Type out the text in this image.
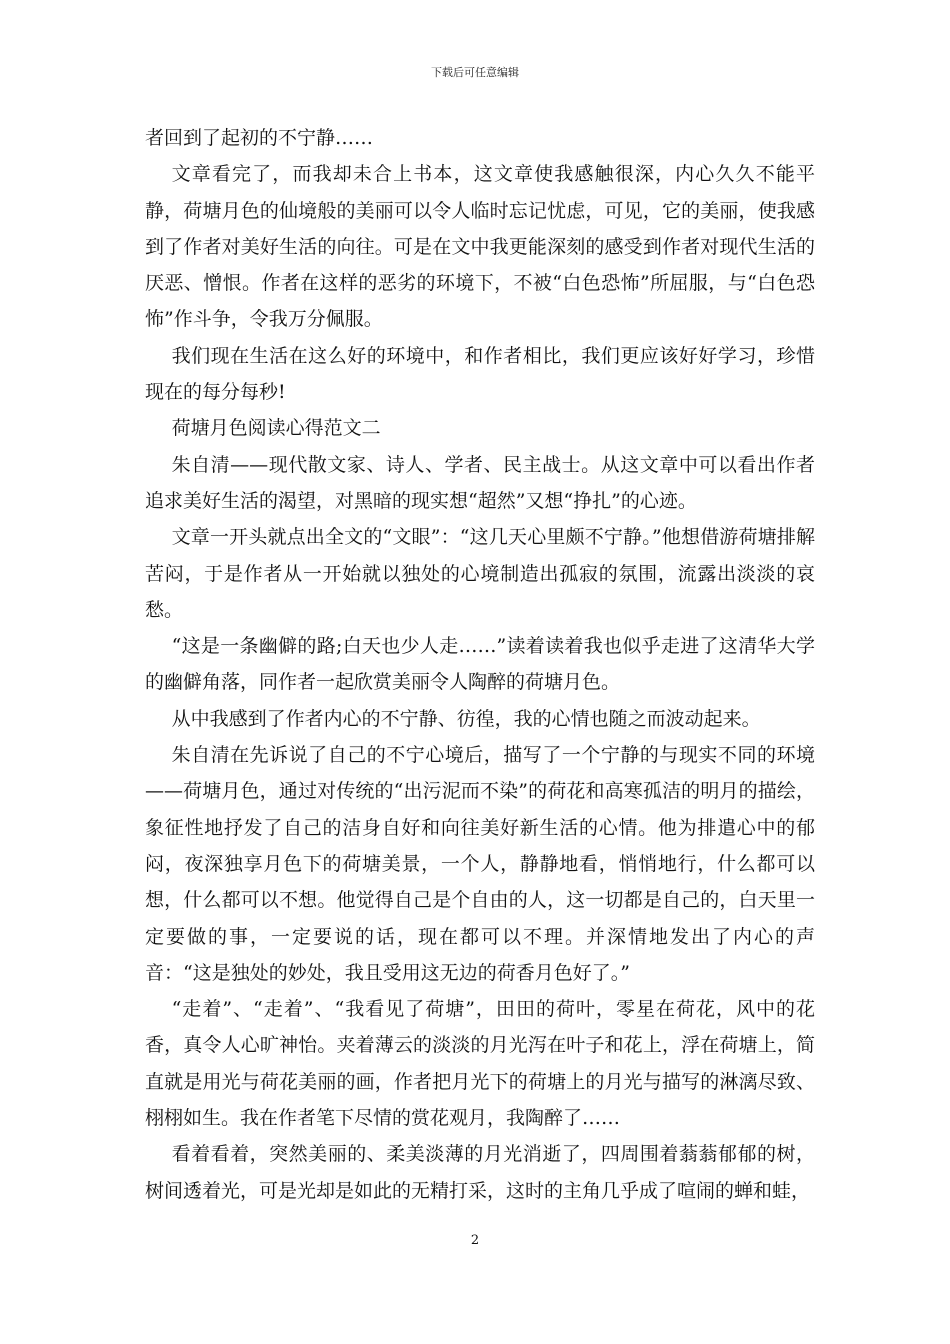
下载后可任意编辑

者回到了起初的不宁静……

文章看完了，而我却未合上书本，这文章使我感触很深，内心久久不能平静，荷塘月色的仙境般的美丽可以令人临时忘记忧虑，可见，它的美丽，使我感到了作者对美好生活的向往。可是在文中我更能深刻的感受到作者对现代生活的厌恶、憎恨。作者在这样的恶劣的环境下，不被“白色恐怖”所屈服，与“白色恐怖”作斗争，令我万分佩服。

我们现在生活在这么好的环境中，和作者相比，我们更应该好好学习，珍惜现在的每分每秒!

荷塘月色阅读心得范文二

朱自清——现代散文家、诗人、学者、民主战士。从这文章中可以看出作者追求美好生活的渴望，对黑暗的现实想“超然”又想“挣扎”的心迹。

文章一开头就点出全文的“文眼”：“这几天心里颇不宁静。”他想借游荷塘排解苦闷，于是作者从一开始就以独处的心境制造出孤寂的氛围，流露出淡淡的哀愁。

“这是一条幽僻的路;白天也少人走……”读着读着我也似乎走进了这清华大学的幽僻角落，同作者一起欣赏美丽令人陶醉的荷塘月色。

从中我感到了作者内心的不宁静、彷徨，我的心情也随之而波动起来。

朱自清在先诉说了自己的不宁心境后，描写了一个宁静的与现实不同的环境——荷塘月色，通过对传统的“出污泥而不染”的荷花和高寒孤洁的明月的描绘，象征性地抒发了自己的洁身自好和向往美好新生活的心情。他为排遣心中的郁闷，夜深独享月色下的荷塘美景，一个人，静静地看，悄悄地行，什么都可以想，什么都可以不想。他觉得自己是个自由的人，这一切都是自己的，白天里一定要做的事，一定要说的话，现在都可以不理。并深情地发出了内心的声音：“这是独处的妙处，我且受用这无边的荷香月色好了。”

“走着”、“走着”、“我看见了荷塘”，田田的荷叶，零星在荷花，风中的花香，真令人心旷神怡。夹着薄云的淡淡的月光泻在叶子和花上，浮在荷塘上，简直就是用光与荷花美丽的画，作者把月光下的荷塘上的月光与描写的淋漓尽致、栩栩如生。我在作者笔下尽情的赏花观月，我陶醉了……

看着看着，突然美丽的、柔美淡薄的月光消逝了，四周围着蓊蓊郁郁的树，树间透着光，可是光却是如此的无精打采，这时的主角几乎成了喧闹的蝉和蛙，

2
